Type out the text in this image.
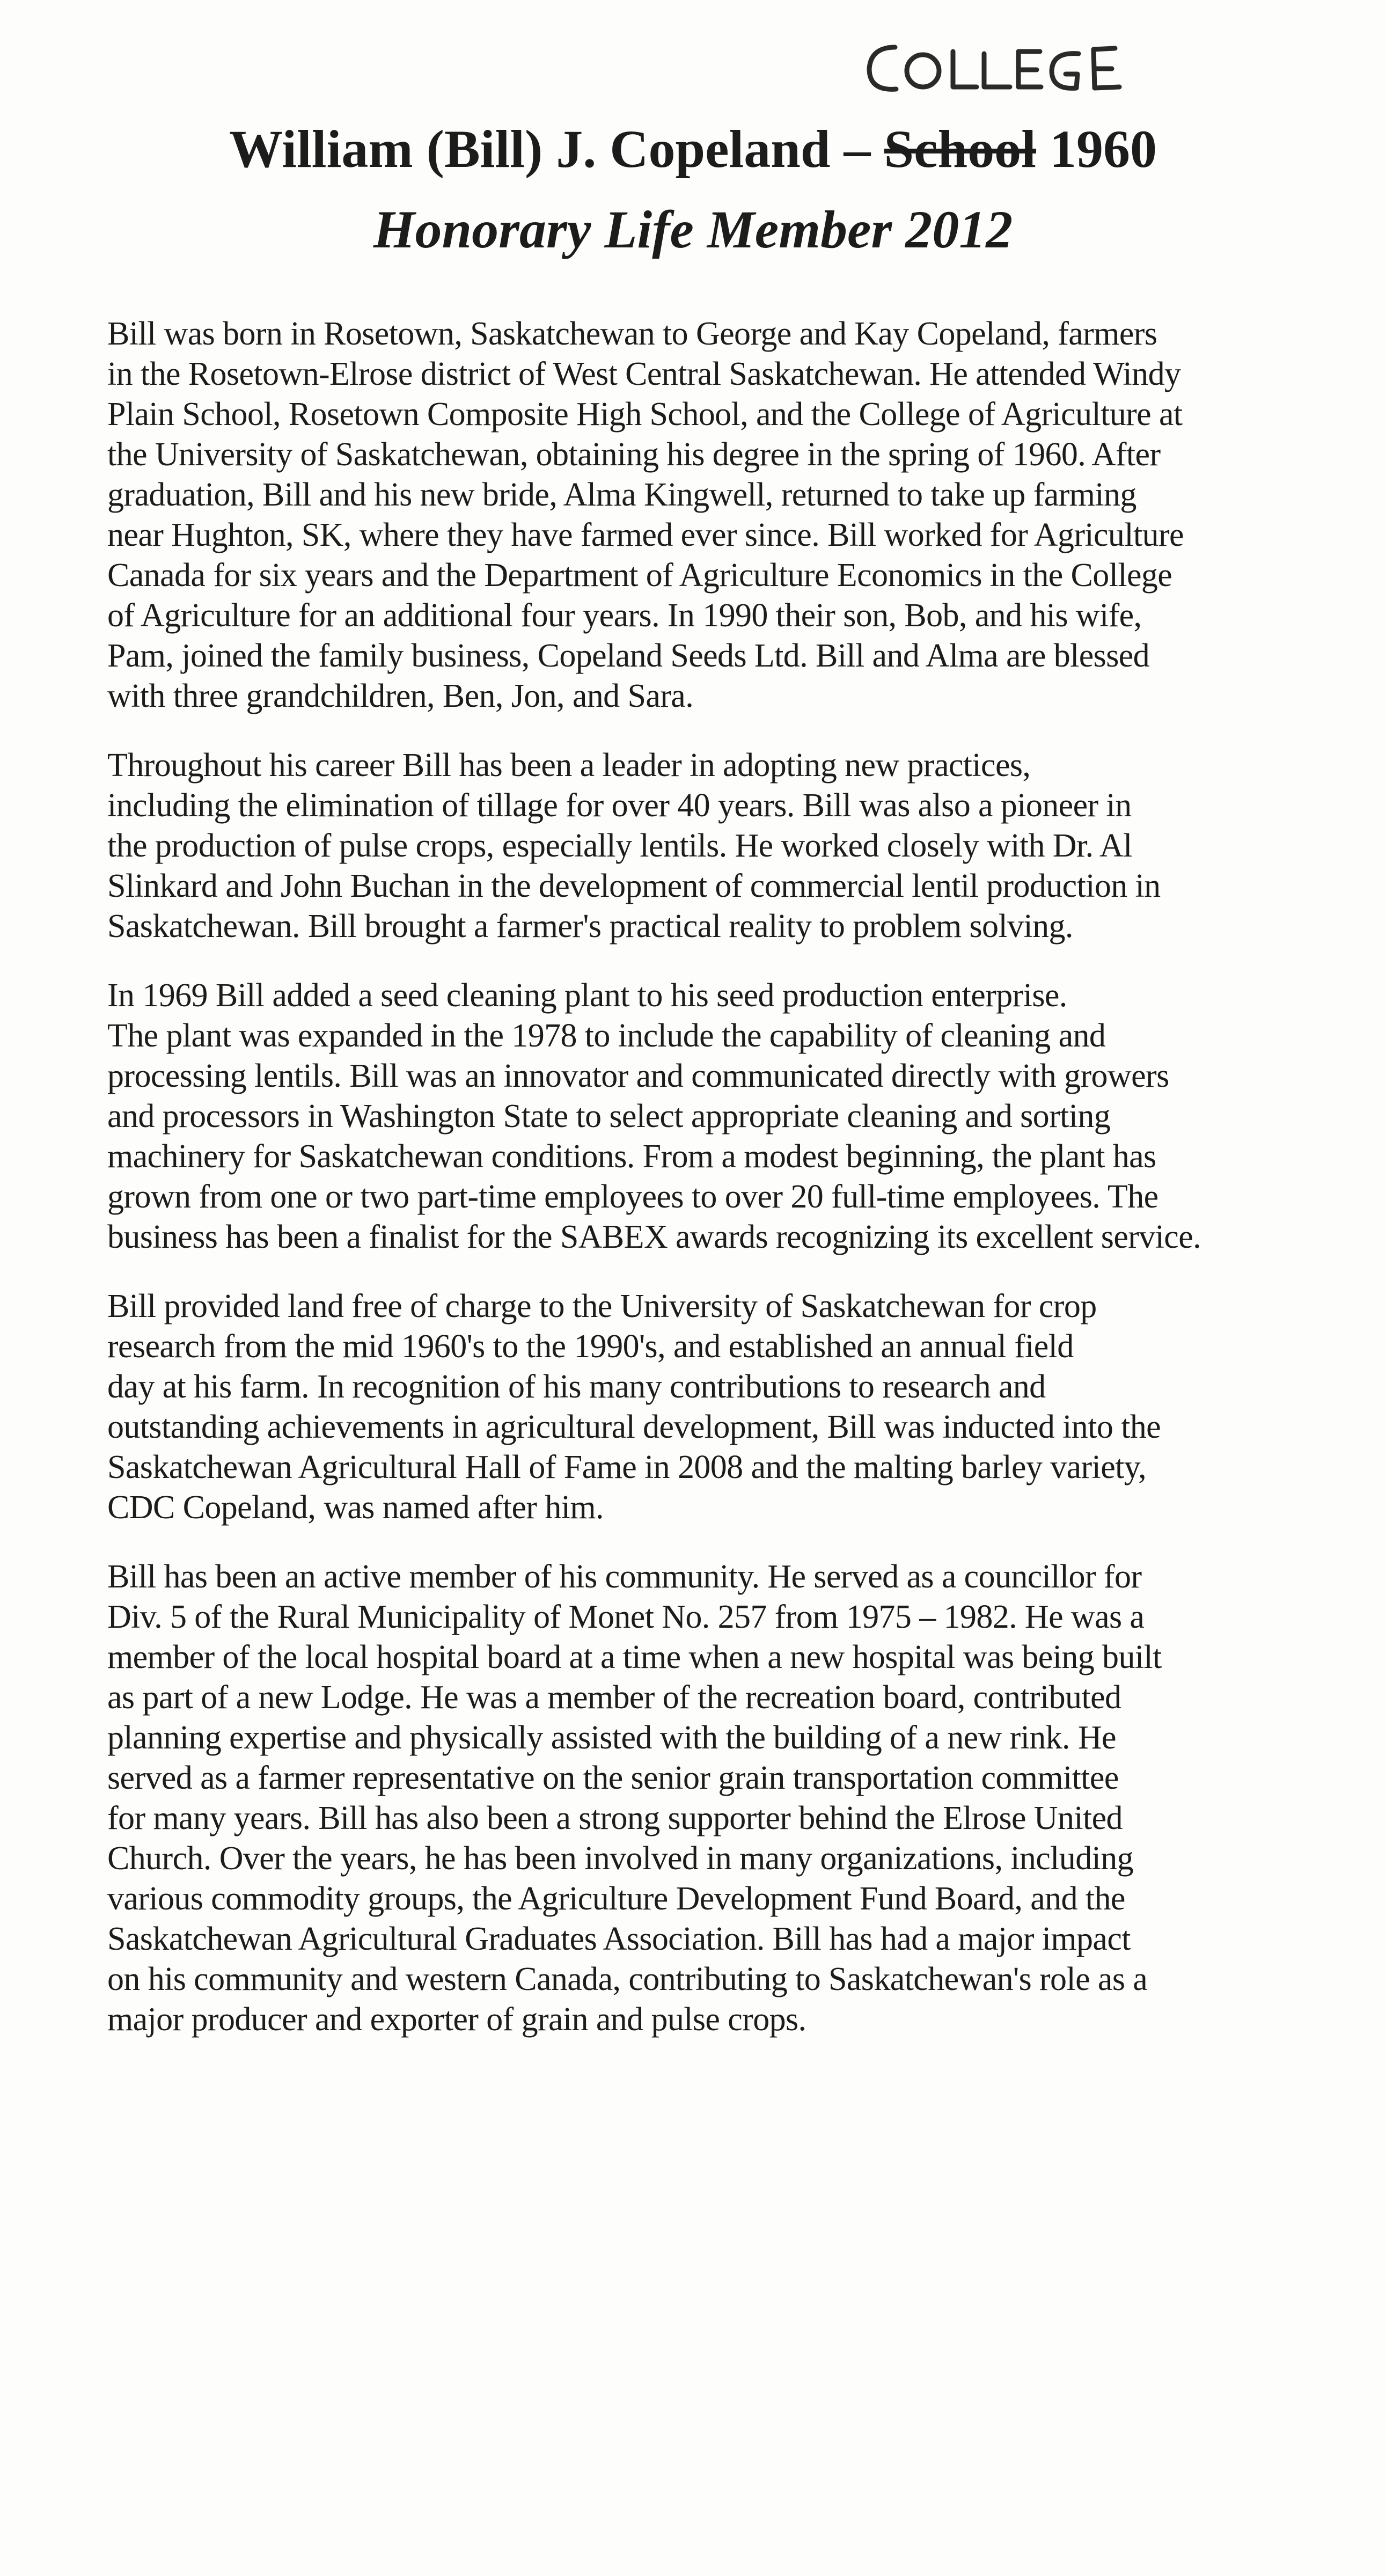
William (Bill) J. Copeland – School 1960
Honorary Life Member 2012
Bill was born in Rosetown, Saskatchewan to George and Kay Copeland, farmers
in the Rosetown-Elrose district of West Central Saskatchewan. He attended Windy
Plain School, Rosetown Composite High School, and the College of Agriculture at
the University of Saskatchewan, obtaining his degree in the spring of 1960. After
graduation, Bill and his new bride, Alma Kingwell, returned to take up farming
near Hughton, SK, where they have farmed ever since. Bill worked for Agriculture
Canada for six years and the Department of Agriculture Economics in the College
of Agriculture for an additional four years. In 1990 their son, Bob, and his wife,
Pam, joined the family business, Copeland Seeds Ltd. Bill and Alma are blessed
with three grandchildren, Ben, Jon, and Sara.
Throughout his career Bill has been a leader in adopting new practices,
including the elimination of tillage for over 40 years. Bill was also a pioneer in
the production of pulse crops, especially lentils. He worked closely with Dr. Al
Slinkard and John Buchan in the development of commercial lentil production in
Saskatchewan. Bill brought a farmer's practical reality to problem solving.
In 1969 Bill added a seed cleaning plant to his seed production enterprise.
The plant was expanded in the 1978 to include the capability of cleaning and
processing lentils. Bill was an innovator and communicated directly with growers
and processors in Washington State to select appropriate cleaning and sorting
machinery for Saskatchewan conditions. From a modest beginning, the plant has
grown from one or two part-time employees to over 20 full-time employees. The
business has been a finalist for the SABEX awards recognizing its excellent service.
Bill provided land free of charge to the University of Saskatchewan for crop
research from the mid 1960's to the 1990's, and established an annual field
day at his farm. In recognition of his many contributions to research and
outstanding achievements in agricultural development, Bill was inducted into the
Saskatchewan Agricultural Hall of Fame in 2008 and the malting barley variety,
CDC Copeland, was named after him.
Bill has been an active member of his community. He served as a councillor for
Div. 5 of the Rural Municipality of Monet No. 257 from 1975 – 1982. He was a
member of the local hospital board at a time when a new hospital was being built
as part of a new Lodge. He was a member of the recreation board, contributed
planning expertise and physically assisted with the building of a new rink. He
served as a farmer representative on the senior grain transportation committee
for many years. Bill has also been a strong supporter behind the Elrose United
Church. Over the years, he has been involved in many organizations, including
various commodity groups, the Agriculture Development Fund Board, and the
Saskatchewan Agricultural Graduates Association. Bill has had a major impact
on his community and western Canada, contributing to Saskatchewan's role as a
major producer and exporter of grain and pulse crops.
